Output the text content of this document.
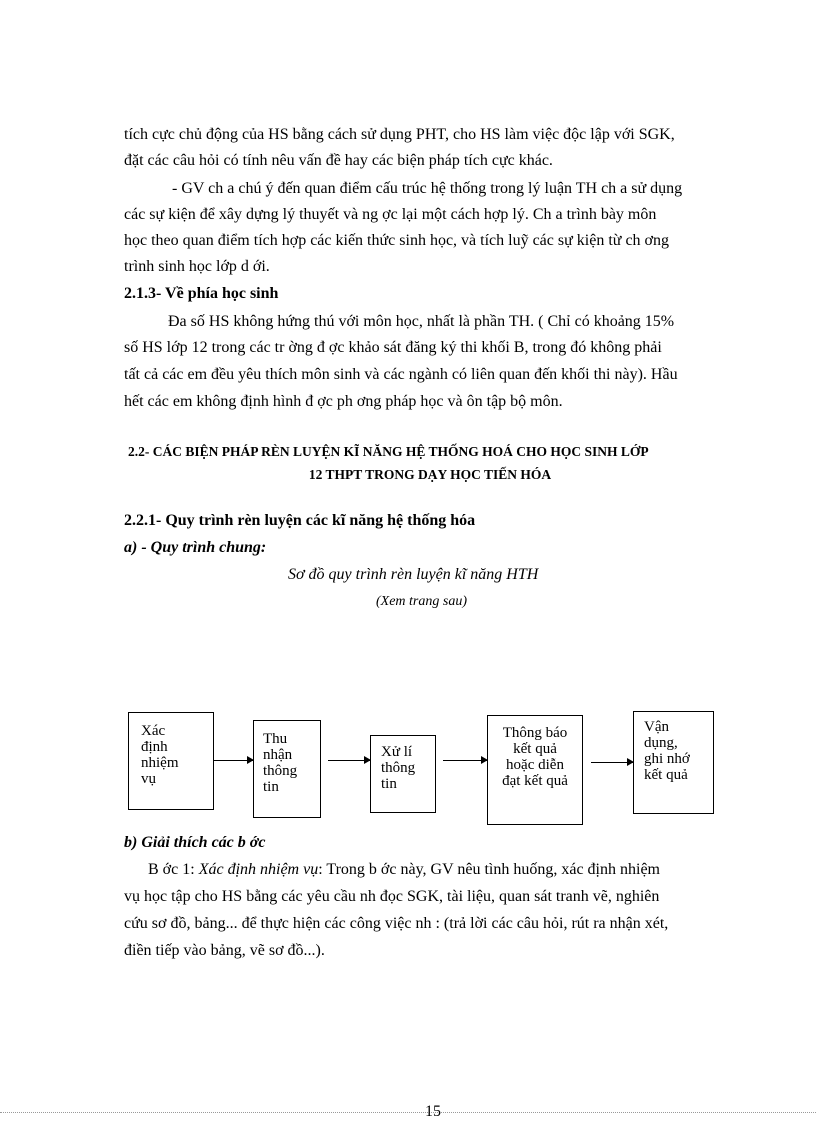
tích cực chủ động của HS bằng cách sử dụng PHT, cho HS làm việc độc lập với SGK,

đặt các câu hỏi có tính nêu vấn đề hay các biện pháp tích cực khác.

- GV ch a chú ý đến quan điểm cấu trúc hệ thống trong lý luận TH ch a sử dụng

các sự kiện để xây dựng lý thuyết và ng ợc lại một cách hợp lý. Ch a trình bày môn

học theo quan điểm tích hợp các kiến thức sinh học, và tích luỹ các sự kiện từ ch ơng

trình sinh học lớp d ới.

2.1.3- Về phía học sinh

Đa số HS không hứng thú với môn học, nhất là phần TH. ( Chỉ có khoảng 15%

số HS lớp 12 trong các tr ờng đ ợc khảo sát đăng ký thi khối B, trong đó không phải

tất cả các em đều yêu thích môn sinh và các ngành có liên quan đến khối thi này). Hầu

hết các em không định hình đ ợc ph ơng pháp học và ôn tập bộ môn.

2.2- CÁC BIỆN PHÁP RÈN LUYỆN KĨ NĂNG HỆ THỐNG HOÁ CHO HỌC SINH LỚP
12 THPT TRONG DẠY HỌC TIẾN HÓA
2.2.1- Quy trình rèn luyện các kĩ năng hệ thống hóa
a) - Quy trình chung:

Sơ đồ quy trình rèn luyện kĩ năng HTH

(Xem trang sau)

Xác
định
nhiệm
vụ
Thu
nhận
thông
tin
Xử lí
thông
tin
Thông báo
kết quả
hoặc diễn
đạt kết quả
Vận
dụng,
ghi nhớ
kết quả
b) Giải thích các b ớc

B ớc 1: Xác định nhiệm vụ: Trong b ớc này, GV nêu tình huống, xác định nhiệm

vụ học tập cho HS bằng các yêu cầu nh đọc SGK, tài liệu, quan sát tranh vẽ, nghiên

cứu sơ đồ, bảng... để thực hiện các công việc nh : (trả lời các câu hỏi, rút ra nhận xét,

điền tiếp vào bảng, vẽ sơ đồ...).

15
